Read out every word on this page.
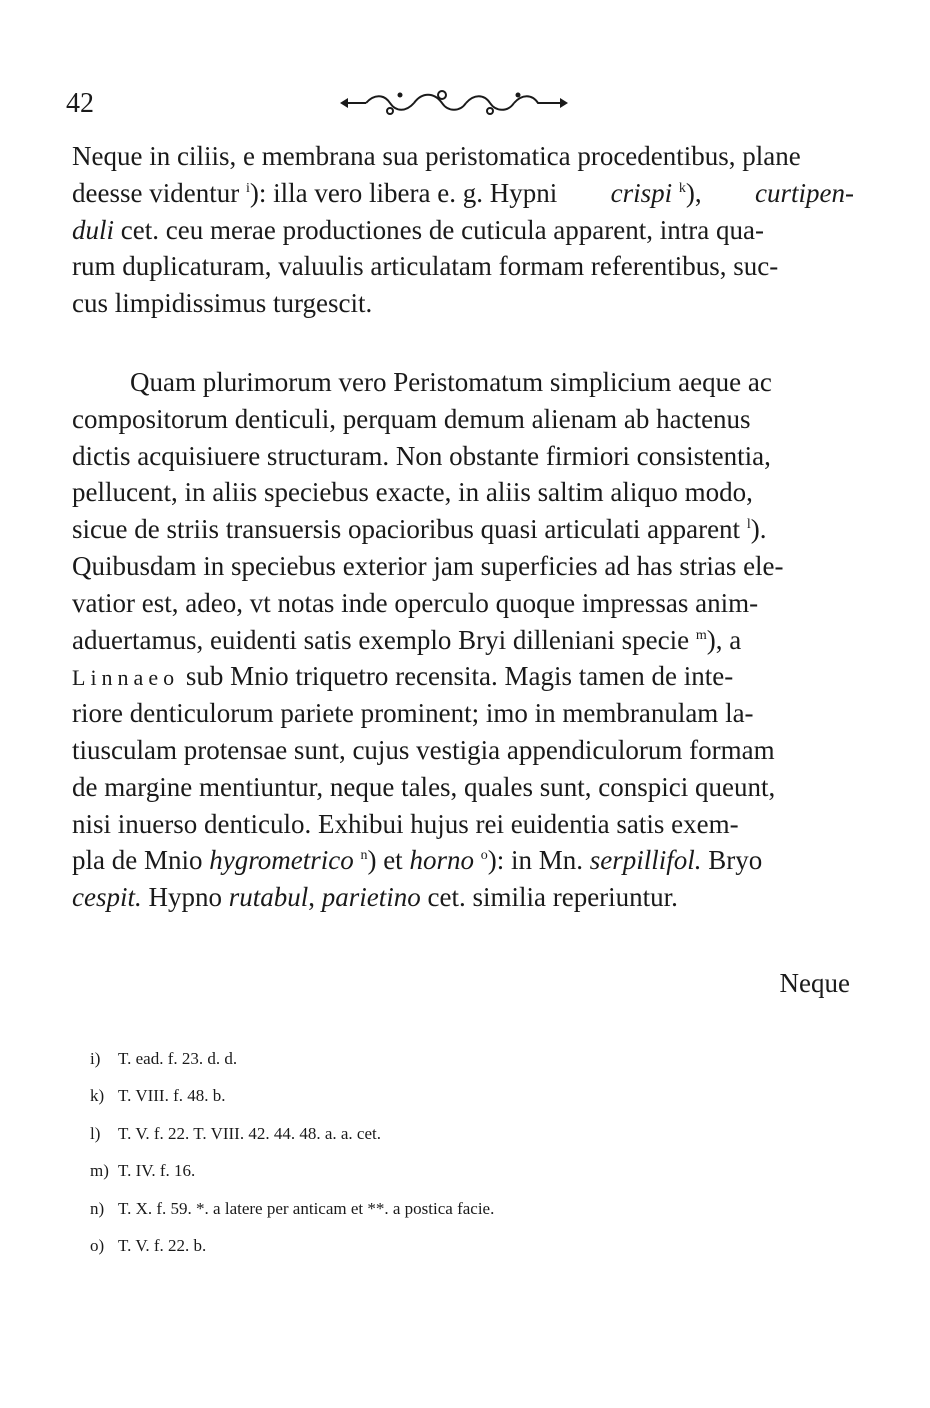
42
Neque in ciliis, e membrana sua peristomatica procedentibus, plane
deesse videntur $^i$): illa vero libera e. g. Hypni crispi $^k$), curtipen-
duli cet. ceu merae productiones de cuticula apparent, intra qua-
rum duplicaturam, valuulis articulatam formam referentibus, suc-
cus limpidissimus turgescit.
Quam plurimorum vero Peristomatum simplicium aeque ac
compositorum denticuli, perquam demum alienam ab hactenus
dictis acquisiuere structuram. Non obstante firmiori consistentia,
pellucent, in aliis speciebus exacte, in aliis saltim aliquo modo,
sicue de striis transuersis opacioribus quasi articulati apparent $^l$).
Quibusdam in speciebus exterior jam superficies ad has strias ele-
vatior est, adeo, vt notas inde operculo quoque impressas anim-
aduertamus, euidenti satis exemplo Bryi dilleniani specie $^m$), a
Linnaeo sub Mnio triquetro recensita. Magis tamen de inte-
riore denticulorum pariete prominent; imo in membranulam la-
tiusculam protensae sunt, cujus vestigia appendiculorum formam
de margine mentiuntur, neque tales, quales sunt, conspici queunt,
nisi inuerso denticulo. Exhibui hujus rei euidentia satis exem-
pla de Mnio hygrometrico $^n$) et horno $^o$): in Mn. serpillifol. Bryo
cespit. Hypno rutabul, parietino cet. similia reperiuntur.
Neque
i) T. ead. f. 23. d. d.
k) T. VIII. f. 48. b.
l) T. V. f. 22. T. VIII. 42. 44. 48. a. a. cet.
m) T. IV. f. 16.
n) T. X. f. 59. *. a latere per anticam et **. a postica facie.
o) T. V. f. 22. b.
